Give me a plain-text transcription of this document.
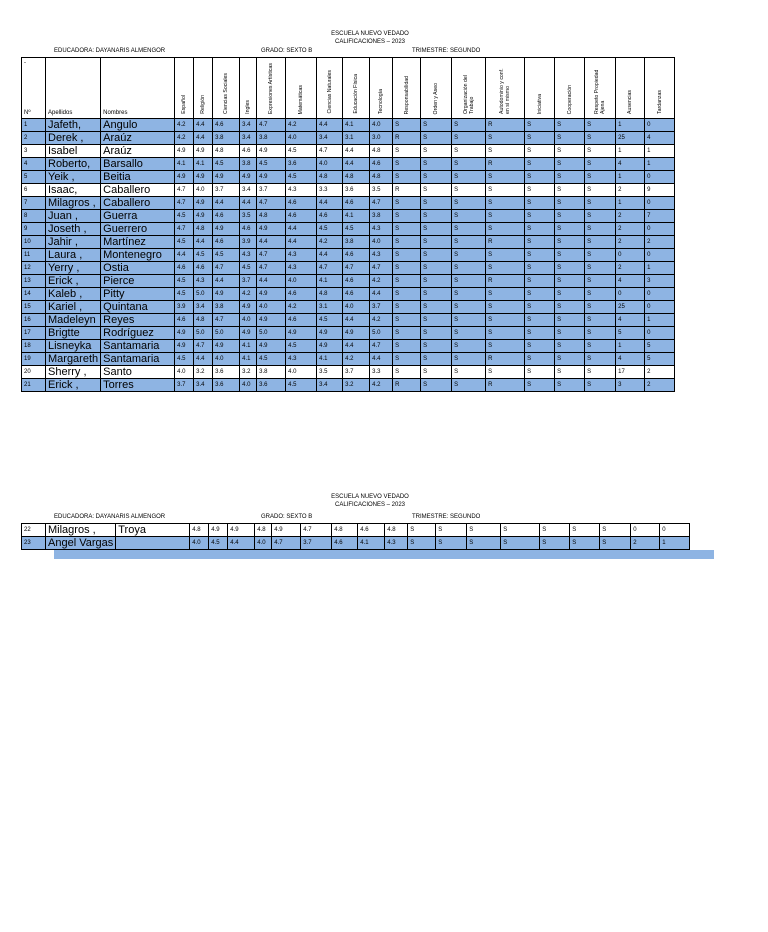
ESCUELA NUEVO VEDADO
CALIFICACIONES – 2023
EDUCADORA: DAYANARIS ALMENGOR	GRADO: SEXTO B	TRIMESTRE: SEGUNDO
-
Nº	Apellidos	Nombres	Español	Religión	Ciencias Sociales	Ingles	Expresiones Artísticas	Matemáticas	Ciencias Naturales	Educación Física	Tecnología	Responsabilidad	Orden y Aseo	Organización del Trabajo	Autodominio y conf. en sí mismo	Iniciativa	Cooperación	Respeto Propiedad Ajena	Ausencias	Tardanzas
1	Jafeth,	Angulo	4.2	4.4	4.6	3.4	4.7	4.2	4.4	4.1	4.0	S	S	S	R	S	S	S	1	0
2	Derek ,	Araúz	4.2	4.4	3.8	3.4	3.8	4.0	3.4	3.1	3.0	R	S	S	S	S	S	S	25	4
3	Isabel	Araúz	4.9	4.9	4.8	4.6	4.9	4.5	4.7	4.4	4.8	S	S	S	S	S	S	S	1	1
4	Roberto,	Barsallo	4.1	4.1	4.5	3.8	4.5	3.6	4.0	4.4	4.6	S	S	S	R	S	S	S	4	1
5	Yeik ,	Beitia	4.9	4.9	4.9	4.9	4.9	4.5	4.8	4.8	4.8	S	S	S	S	S	S	S	1	0
6	Isaac,	Caballero	4.7	4.0	3.7	3.4	3.7	4.3	3.3	3.6	3.5	R	S	S	S	S	S	S	2	9
7	Milagros ,	Caballero	4.7	4.9	4.4	4.4	4.7	4.6	4.4	4.6	4.7	S	S	S	S	S	S	S	1	0
8	Juan ,	Guerra	4.5	4.9	4.6	3.5	4.8	4.6	4.6	4.1	3.8	S	S	S	S	S	S	S	2	7
9	Joseth ,	Guerrero	4.7	4.8	4.9	4.6	4.9	4.4	4.5	4.5	4.3	S	S	S	S	S	S	S	2	0
10	Jahir ,	Martínez	4.5	4.4	4.6	3.9	4.4	4.4	4.2	3.8	4.0	S	S	S	R	S	S	S	2	2
11	Laura ,	Montenegro	4.4	4.5	4.5	4.3	4.7	4.3	4.4	4.6	4.3	S	S	S	S	S	S	S	0	0
12	Yerry ,	Ostia	4.6	4.6	4.7	4.5	4.7	4.3	4.7	4.7	4.7	S	S	S	S	S	S	S	2	1
13	Erick ,	Pierce	4.5	4.3	4.4	3.7	4.4	4.0	4.1	4.6	4.2	S	S	S	R	S	S	S	4	3
14	Kaleb ,	Pitty	4.5	5.0	4.9	4.2	4.9	4.6	4.8	4.6	4.4	S	S	S	S	S	S	S	0	0
15	Kariel ,	Quintana	3.9	3.4	3.8	4.9	4.0	4.2	3.1	4.0	3.7	S	S	S	S	S	S	S	25	0
16	Madeleyn	Reyes	4.6	4.8	4.7	4.0	4.9	4.6	4.5	4.4	4.2	S	S	S	S	S	S	S	4	1
17	Brigtte	Rodríguez	4.9	5.0	5.0	4.9	5.0	4.9	4.9	4.9	5.0	S	S	S	S	S	S	S	5	0
18	Lisneyka	Santamaria	4.9	4.7	4.9	4.1	4.9	4.5	4.9	4.4	4.7	S	S	S	S	S	S	S	1	5
19	Margareth	Santamaria	4.5	4.4	4.0	4.1	4.5	4.3	4.1	4.2	4.4	S	S	S	R	S	S	S	4	5
20	Sherry ,	Santo	4.0	3.2	3.6	3.2	3.8	4.0	3.5	3.7	3.3	S	S	S	S	S	S	S	17	2
21	Erick ,	Torres	3.7	3.4	3.6	4.0	3.6	4.5	3.4	3.2	4.2	R	S	S	R	S	S	S	3	2
ESCUELA NUEVO VEDADO
CALIFICACIONES – 2023
EDUCADORA: DAYANARIS ALMENGOR	GRADO: SEXTO B	TRIMESTRE: SEGUNDO
22	Milagros ,	Troya	4.8	4.9	4.9	4.8	4.9	4.7	4.8	4.6	4.8	S	S	S	S	S	S	S	0	0
23	Angel Vargas		4.0	4.5	4.4	4.0	4.7	3.7	4.6	4.1	4.3	S	S	S	S	S	S	S	2	1
